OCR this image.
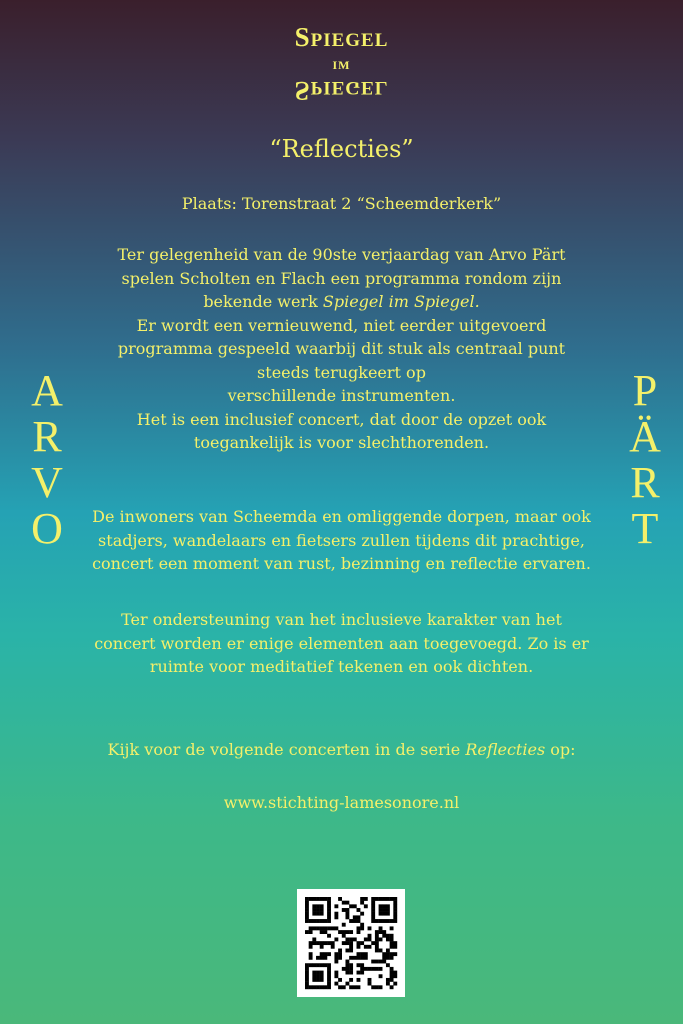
Spiegel
im
Spiegel
“Reflecties”
Plaats: Torenstraat 2 “Scheemderkerk”
Ter gelegenheid van de 90ste verjaardag van Arvo Pärt
spelen Scholten en Flach een programma rondom zijn
bekende werk Spiegel im Spiegel.
Er wordt een vernieuwend, niet eerder uitgevoerd
programma gespeeld waarbij dit stuk als centraal punt
steeds terugkeert op
verschillende instrumenten.
Het is een inclusief concert, dat door de opzet ook
toegankelijk is voor slechthorenden.
De inwoners van Scheemda en omliggende dorpen, maar ook
stadjers, wandelaars en fietsers zullen tijdens dit prachtige,
concert een moment van rust, bezinning en reflectie ervaren.
Ter ondersteuning van het inclusieve karakter van het
concert worden er enige elementen aan toegevoegd. Zo is er
ruimte voor meditatief tekenen en ook dichten.
Kijk voor de volgende concerten in de serie Reflecties op:
www.stichting-lamesonore.nl
A
R
V
O
P
Ä
R
T
